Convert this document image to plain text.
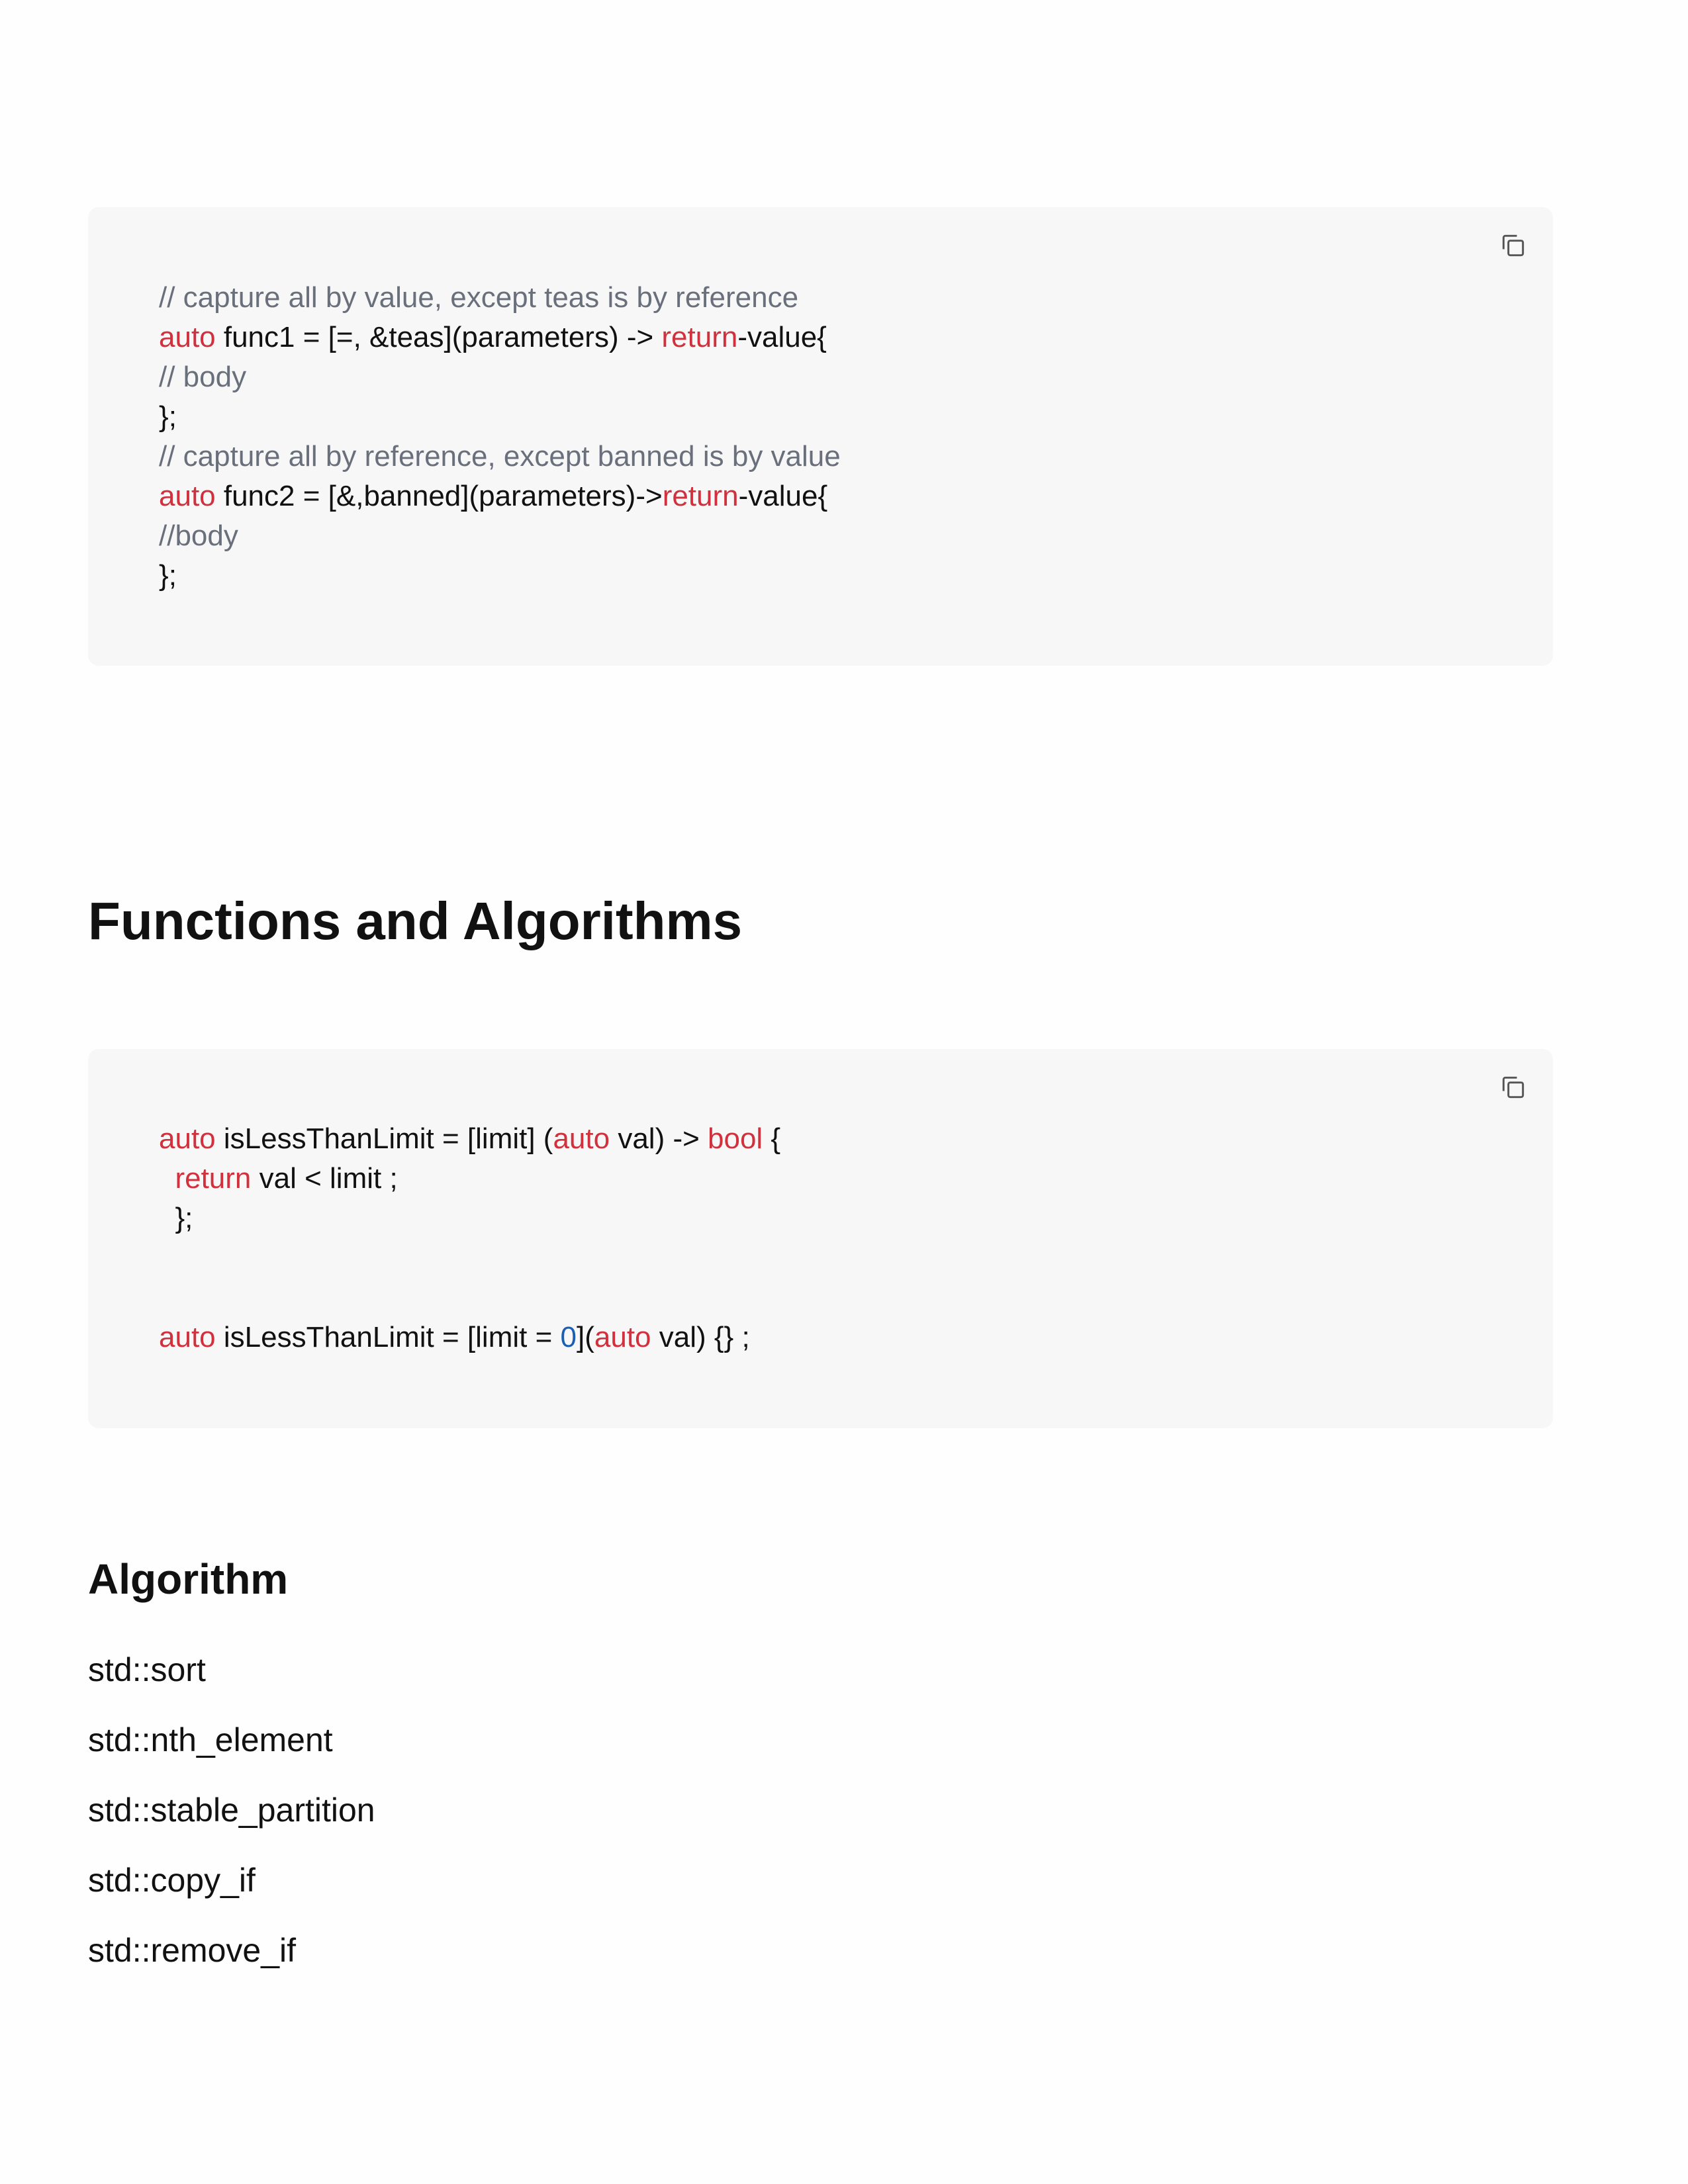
// capture all by value, except teas is by reference
auto func1 = [=, &teas](parameters) -> return-value{
// body
};
// capture all by reference, except banned is by value
auto func2 = [&,banned](parameters)->return-value{
//body
};
Functions and Algorithms
auto isLessThanLimit = [limit] (auto val) -> bool {
return val < limit ;
};
auto isLessThanLimit = [limit = 0](auto val) {} ;
Algorithm
std::sort
std::nth_element
std::stable_partition
std::copy_if
std::remove_if
